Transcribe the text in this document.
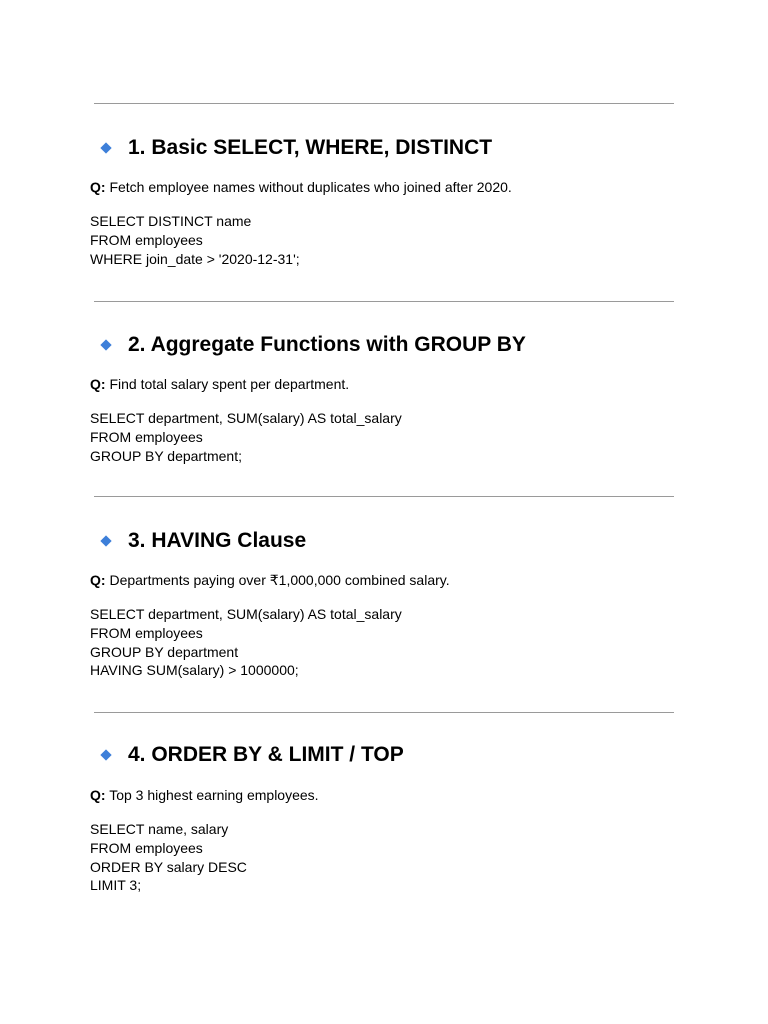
1. Basic SELECT, WHERE, DISTINCT
Q: Fetch employee names without duplicates who joined after 2020.
SELECT DISTINCT name
FROM employees
WHERE join_date > '2020-12-31';
2. Aggregate Functions with GROUP BY
Q: Find total salary spent per department.
SELECT department, SUM(salary) AS total_salary
FROM employees
GROUP BY department;
3. HAVING Clause
Q: Departments paying over ₹1,000,000 combined salary.
SELECT department, SUM(salary) AS total_salary
FROM employees
GROUP BY department
HAVING SUM(salary) > 1000000;
4. ORDER BY & LIMIT / TOP
Q: Top 3 highest earning employees.
SELECT name, salary
FROM employees
ORDER BY salary DESC
LIMIT 3;
